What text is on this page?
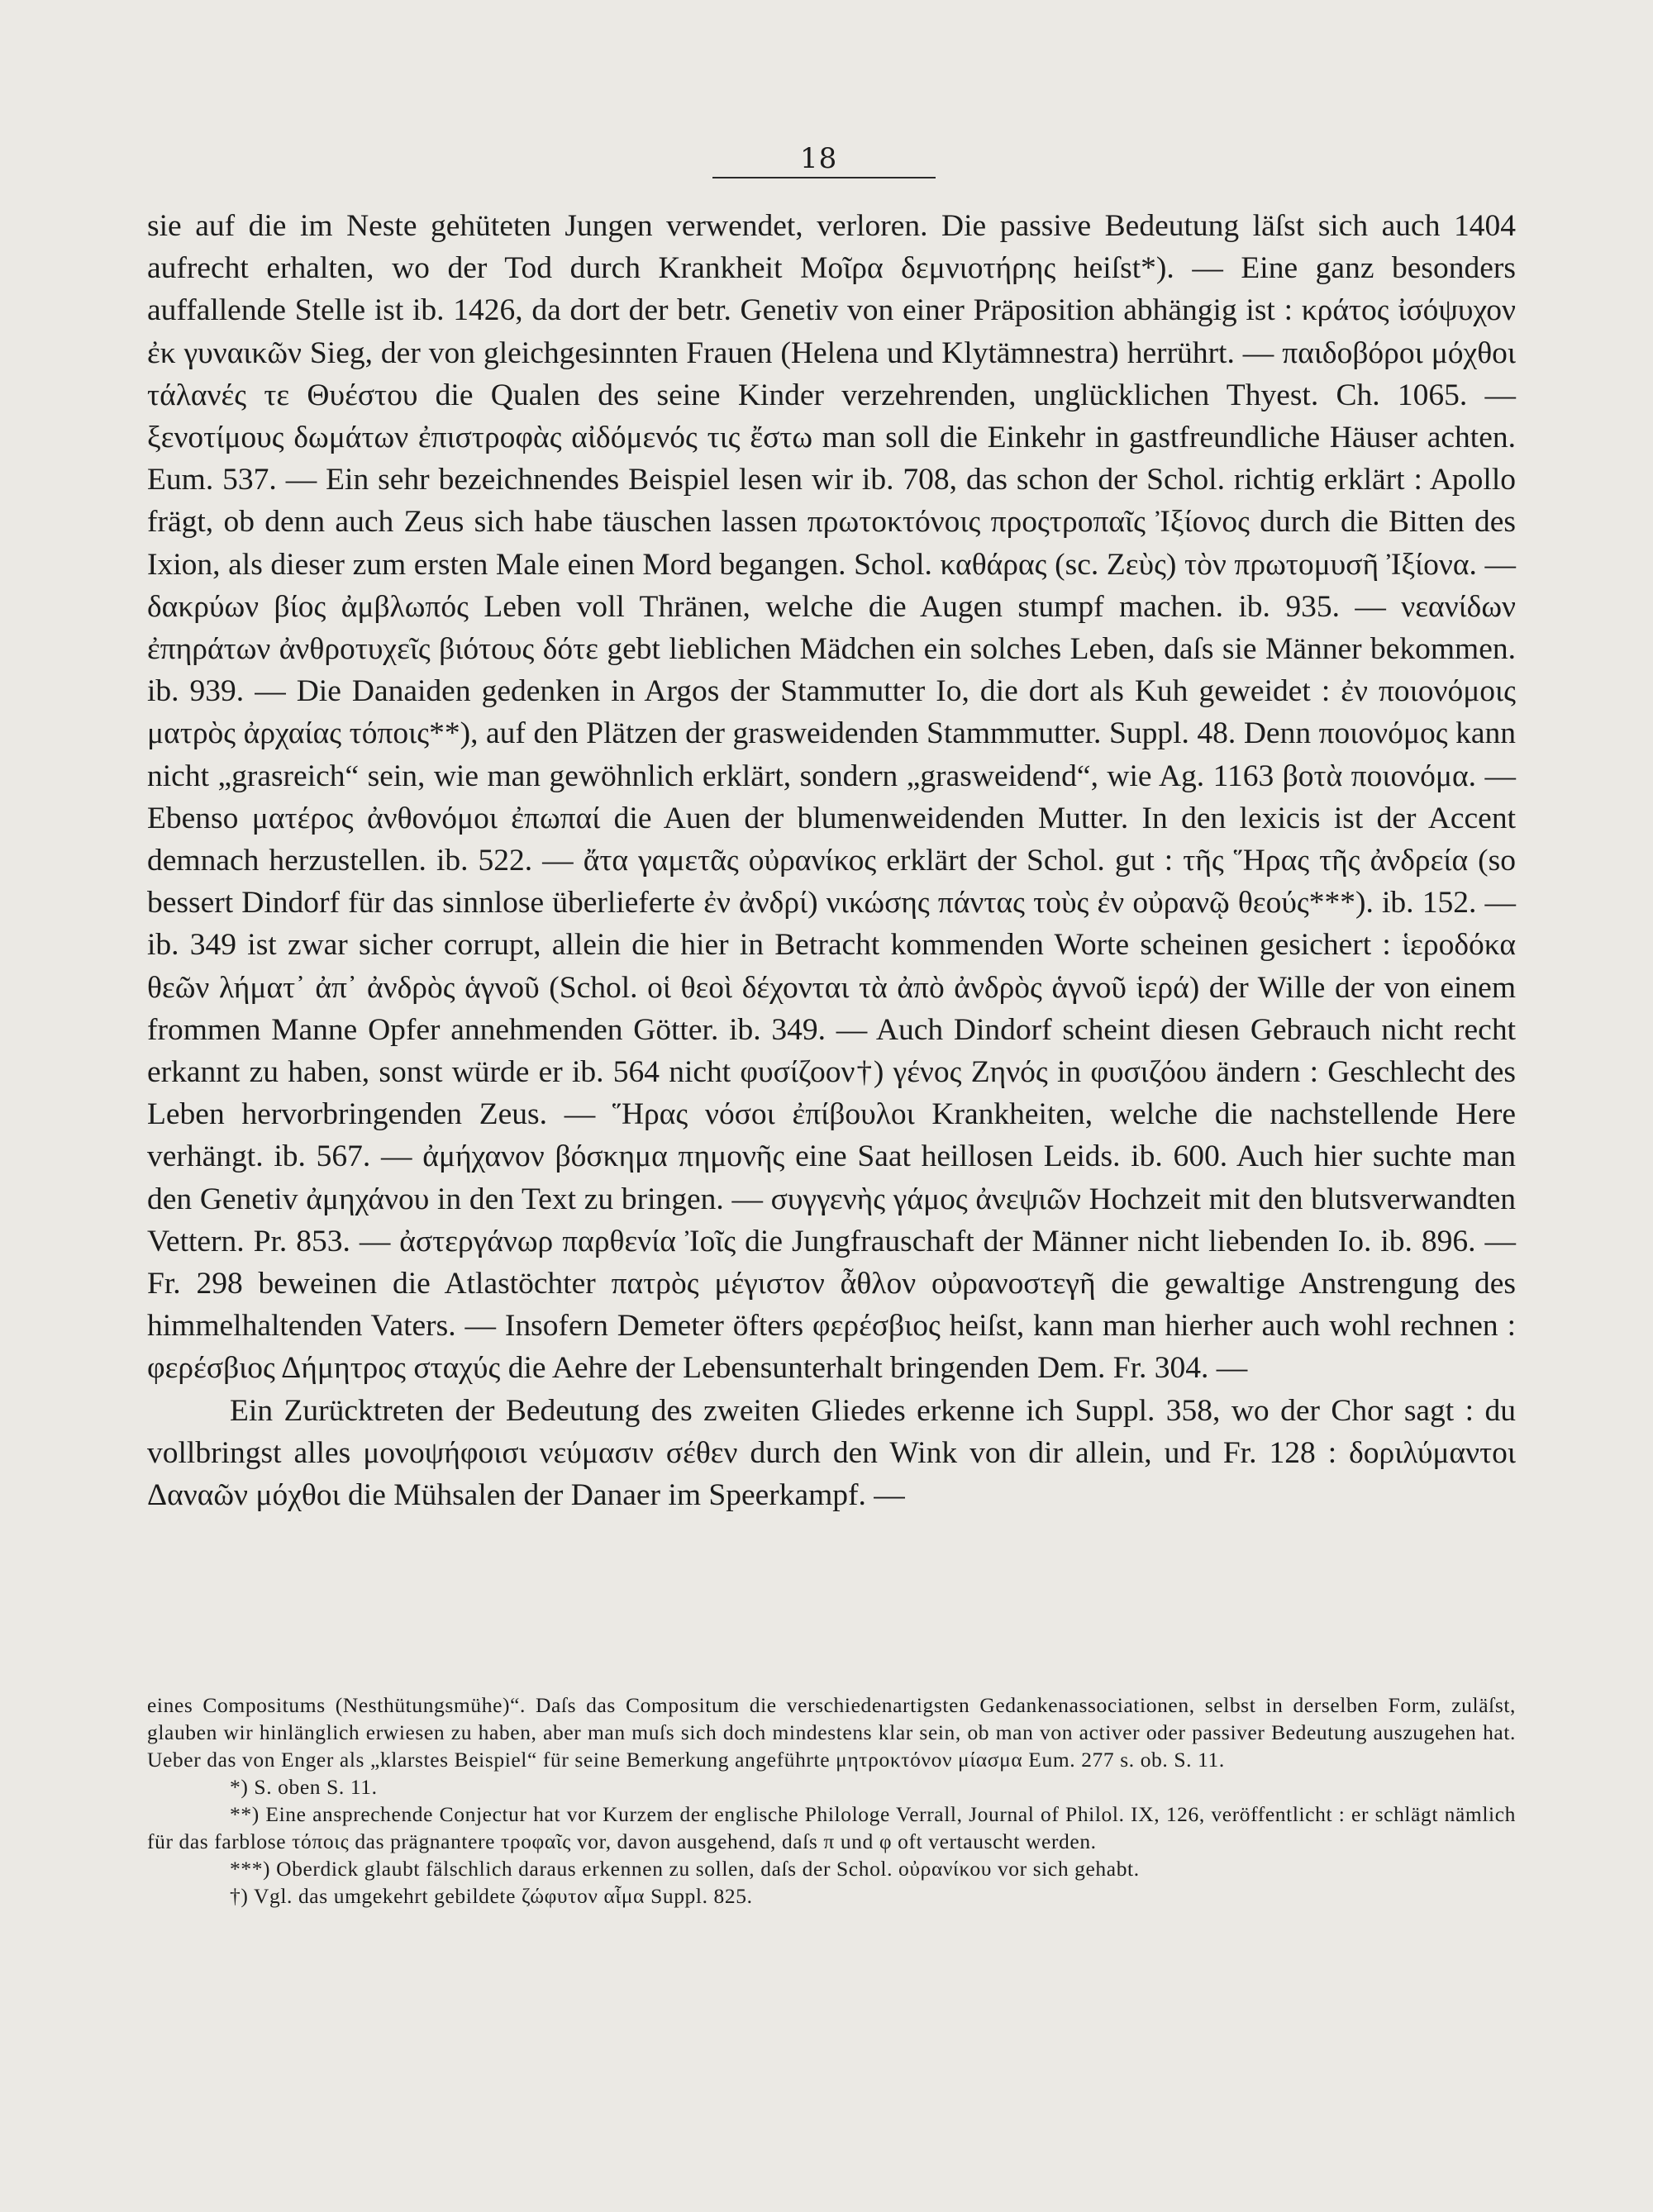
18

sie auf die im Neste gehüteten Jungen verwendet, verloren. Die passive Bedeutung läſst sich auch 1404 aufrecht erhalten, wo der Tod durch Krankheit Μοῖρα δεμνιοτήρης heiſst*). — Eine ganz besonders auffallende Stelle ist ib. 1426, da dort der betr. Genetiv von einer Präposition abhängig ist : κράτος ἰσόψυχον ἐκ γυναικῶν Sieg, der von gleichgesinnten Frauen (Helena und Klytämnestra) herrührt. — παιδοβόροι μόχθοι τάλανές τε Θυέστου die Qualen des seine Kinder verzehrenden, unglücklichen Thyest. Ch. 1065. — ξενοτίμους δωμάτων ἐπιστροφὰς αἰδόμενός τις ἔστω man soll die Einkehr in gastfreundliche Häuser achten. Eum. 537. — Ein sehr bezeichnendes Beispiel lesen wir ib. 708, das schon der Schol. richtig erklärt : Apollo frägt, ob denn auch Zeus sich habe täuschen lassen πρωτοκτόνοις προςτροπαῖς Ἰξίονος durch die Bitten des Ixion, als dieser zum ersten Male einen Mord begangen. Schol. καθάρας (sc. Ζεὺς) τὸν πρωτομυσῆ Ἰξίονα. — δακρύων βίος ἀμβλωπός Leben voll Thränen, welche die Augen stumpf machen. ib. 935. — νεανίδων ἐπηράτων ἀνθροτυχεῖς βιότους δότε gebt lieblichen Mädchen ein solches Leben, daſs sie Männer bekommen. ib. 939. — Die Danaiden gedenken in Argos der Stammutter Io, die dort als Kuh geweidet : ἐν ποιονόμοις ματρὸς ἀρχαίας τόποις**), auf den Plätzen der grasweidenden Stammmutter. Suppl. 48. Denn ποιονόμος kann nicht „grasreich“ sein, wie man gewöhnlich erklärt, sondern „grasweidend“, wie Ag. 1163 βοτὰ ποιονόμα. — Ebenso ματέρος ἀνθονόμοι ἐπωπαί die Auen der blumenweidenden Mutter. In den lexicis ist der Accent demnach herzustellen. ib. 522. — ἄτα γαμετᾶς οὐρανίκος erklärt der Schol. gut : τῆς Ἥρας τῆς ἀνδρεία (so bessert Dindorf für das sinnlose überlieferte ἐν ἀνδρί) νικώσης πάντας τοὺς ἐν οὐρανῷ θεούς***). ib. 152. — ib. 349 ist zwar sicher corrupt, allein die hier in Betracht kommenden Worte scheinen gesichert : ἱεροδόκα θεῶν λήματ᾽ ἀπ᾽ ἀνδρὸς ἁγνοῦ (Schol. οἱ θεοὶ δέχονται τὰ ἀπὸ ἀνδρὸς ἁγνοῦ ἱερά) der Wille der von einem frommen Manne Opfer annehmenden Götter. ib. 349. — Auch Dindorf scheint diesen Gebrauch nicht recht erkannt zu haben, sonst würde er ib. 564 nicht φυσίζοον†) γένος Ζηνός in φυσιζόου ändern : Geschlecht des Leben hervorbringenden Zeus. — Ἥρας νόσοι ἐπίβουλοι Krankheiten, welche die nachstellende Here verhängt. ib. 567. — ἀμήχανον βόσκημα πημονῆς eine Saat heillosen Leids. ib. 600. Auch hier suchte man den Genetiv ἀμηχάνου in den Text zu bringen. — συγγενὴς γάμος ἀνεψιῶν Hochzeit mit den blutsverwandten Vettern. Pr. 853. — ἀστεργάνωρ παρθενία Ἰοῖς die Jungfrauschaft der Männer nicht liebenden Io. ib. 896. — Fr. 298 beweinen die Atlastöchter πατρὸς μέγιστον ἆθλον οὐρανοστεγῆ die gewaltige Anstrengung des himmelhaltenden Vaters. — Insofern Demeter öfters φερέσβιος heiſst, kann man hierher auch wohl rechnen : φερέσβιος Δήμητρος σταχύς die Aehre der Lebensunterhalt bringenden Dem. Fr. 304. —

Ein Zurücktreten der Bedeutung des zweiten Gliedes erkenne ich Suppl. 358, wo der Chor sagt : du vollbringst alles μονοψήφοισι νεύμασιν σέθεν durch den Wink von dir allein, und Fr. 128 : δοριλύμαντοι Δαναῶν μόχθοι die Mühsalen der Danaer im Speerkampf. —

eines Compositums (Nesthütungsmühe)“. Daſs das Compositum die verschiedenartigsten Gedankenassociationen, selbst in derselben Form, zuläſst, glauben wir hinlänglich erwiesen zu haben, aber man muſs sich doch mindestens klar sein, ob man von activer oder passiver Bedeutung auszugehen hat. Ueber das von Enger als „klarstes Beispiel“ für seine Bemerkung angeführte μητροκτόνον μίασμα Eum. 277 s. ob. S. 11.

*) S. oben S. 11.

**) Eine ansprechende Conjectur hat vor Kurzem der englische Philologe Verrall, Journal of Philol. IX, 126, veröffentlicht : er schlägt nämlich für das farblose τόποις das prägnantere τροφαῖς vor, davon ausgehend, daſs π und φ oft vertauscht werden.

***) Oberdick glaubt fälschlich daraus erkennen zu sollen, daſs der Schol. οὐρανίκου vor sich gehabt.

†) Vgl. das umgekehrt gebildete ζώφυτον αἷμα Suppl. 825.
